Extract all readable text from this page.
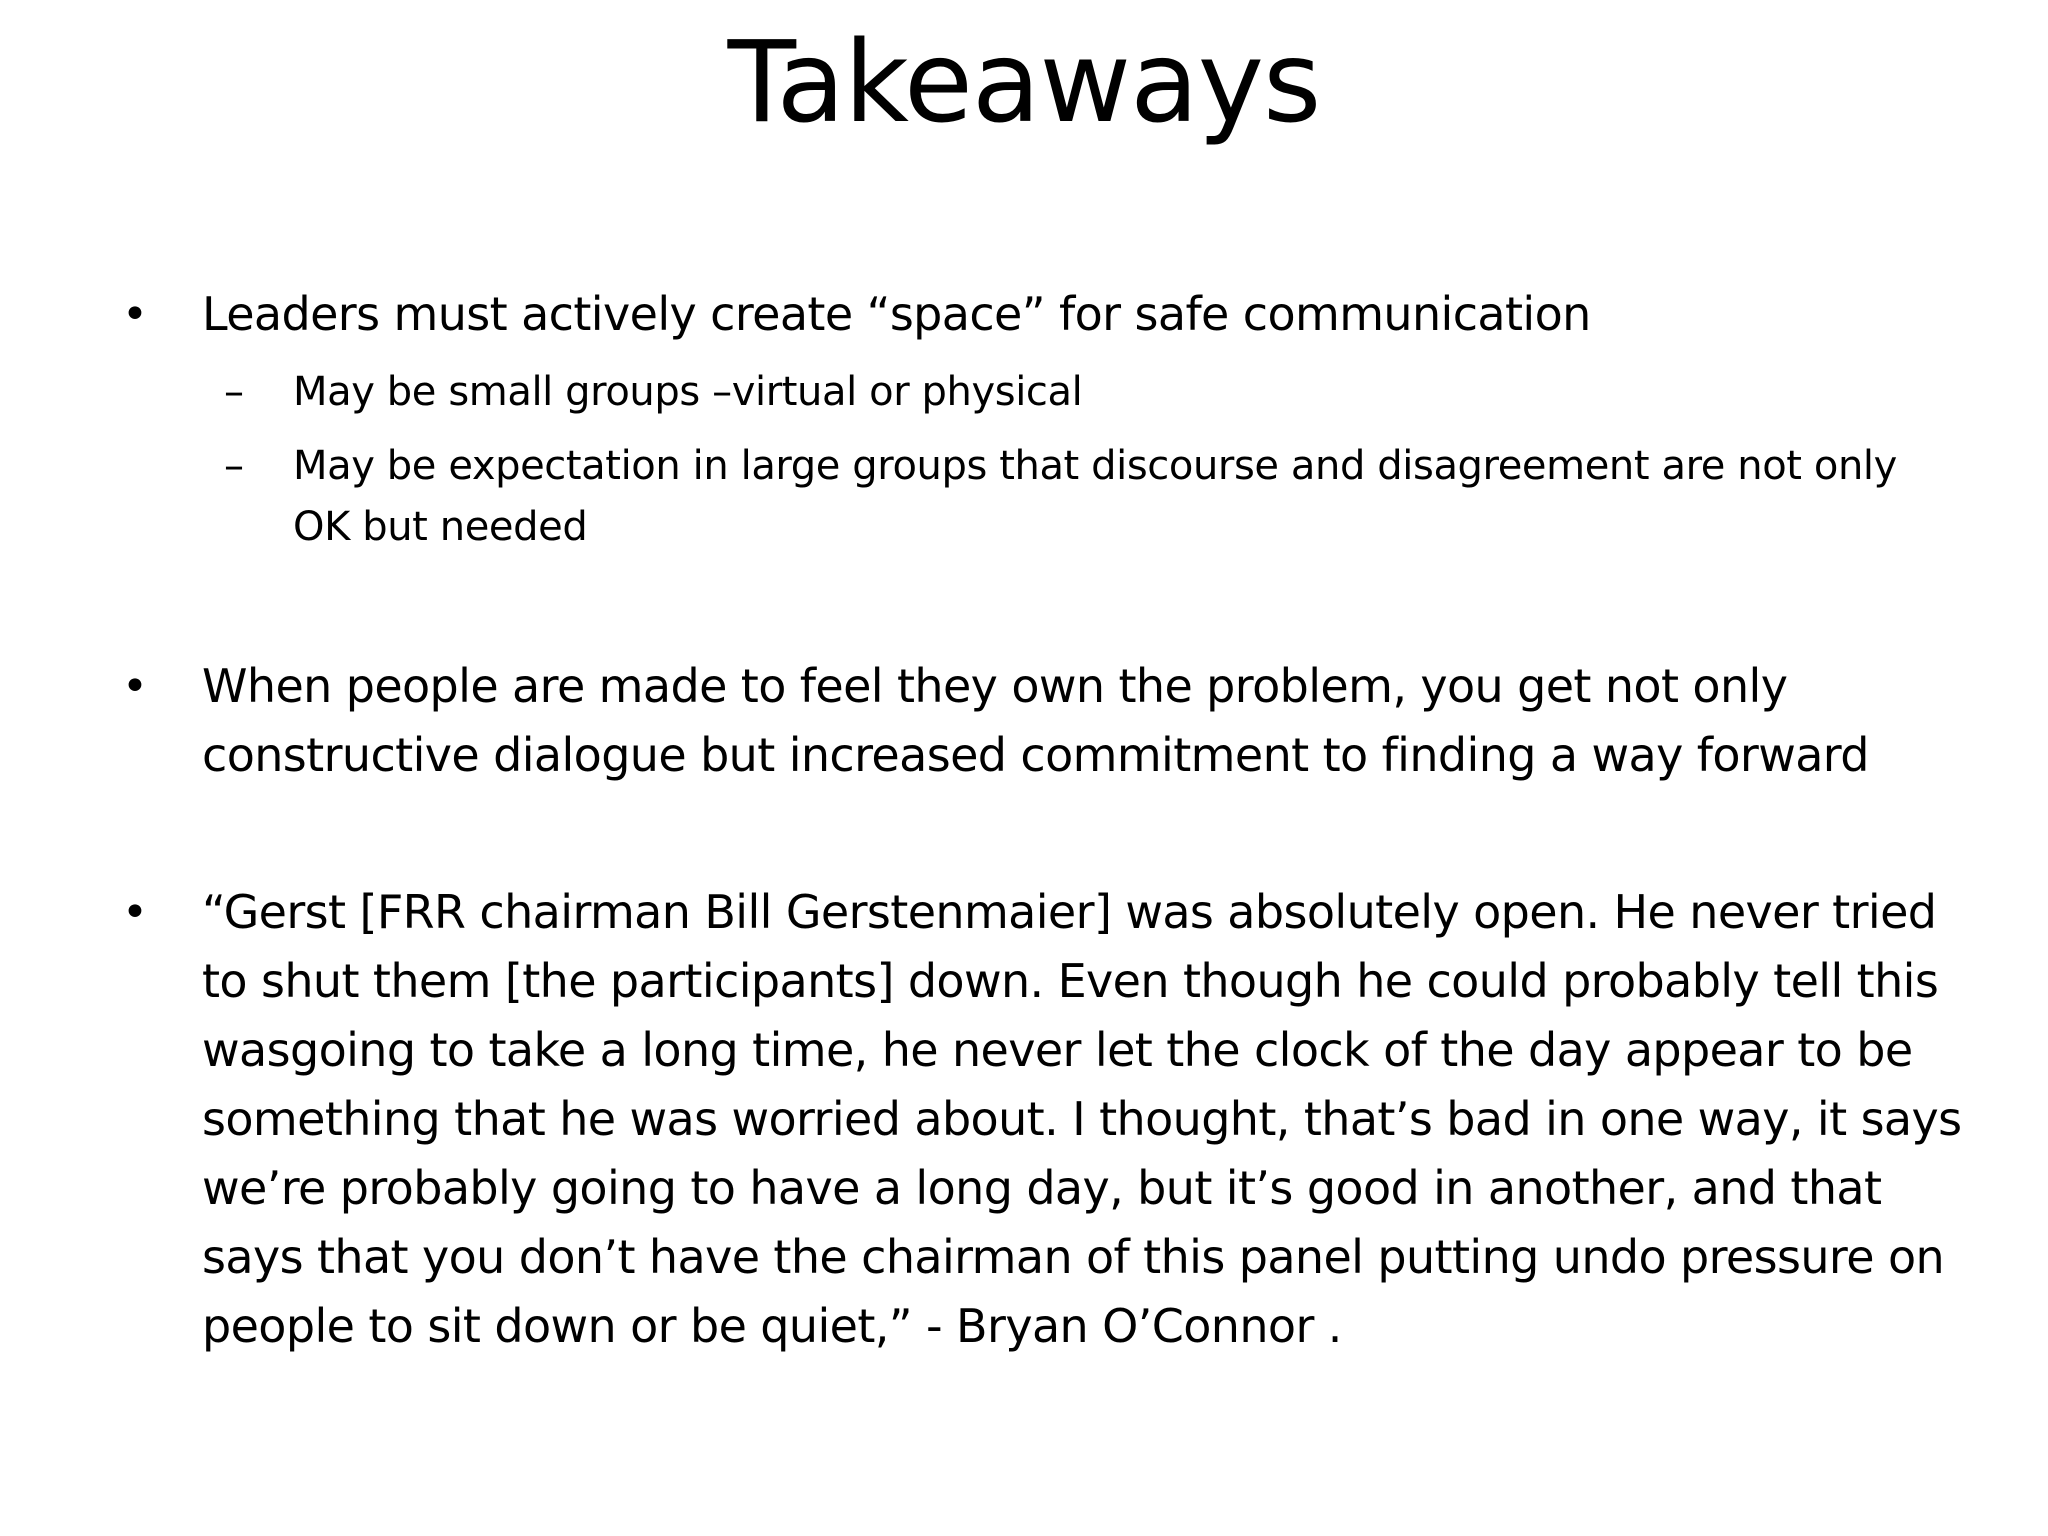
Takeaways
• Leaders must actively create “space” for safe communication
– May be small groups –virtual or physical
– May be expectation in large groups that discourse and disagreement are not only OK but needed
• When people are made to feel they own the problem, you get not only constructive dialogue but increased commitment to finding a way forward
• “Gerst [FRR chairman Bill Gerstenmaier] was absolutely open. He never tried to shut them [the participants] down. Even though he could probably tell this wasgoing to take a long time, he never let the clock of the day appear to be something that he was worried about. I thought, that’s bad in one way, it says we’re probably going to have a long day, but it’s good in another, and that says that you don’t have the chairman of this panel putting undo pressure on people to sit down or be quiet,” - Bryan O’Connor .
